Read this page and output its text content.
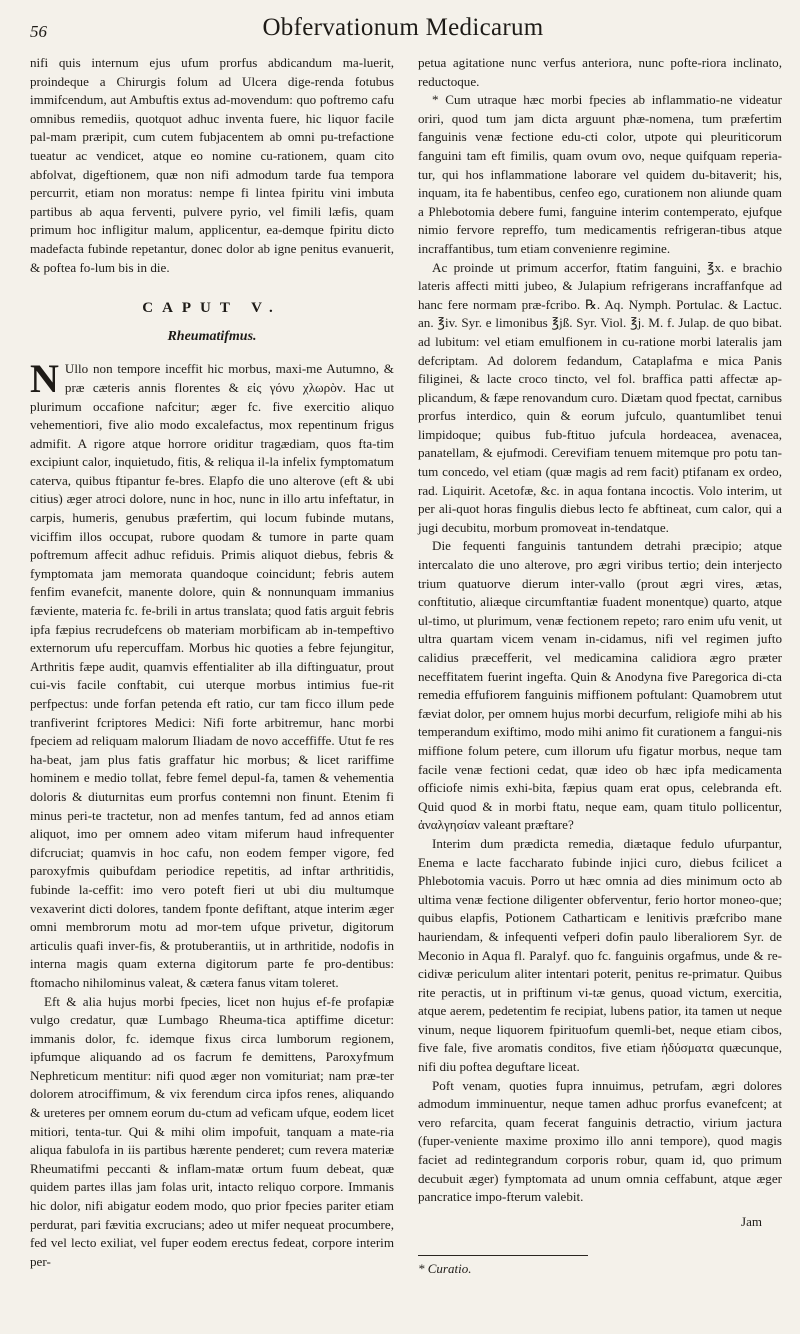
56	Obfervationum Medicarum

nifi quis internum ejus ufum prorfus abdicandum ma-luerit, proindeque a Chirurgis folum ad Ulcera dige-renda fotubus immifcendum, aut Ambuftis extus ad-movendum: quo poftremo cafu omnibus remediis, quotquot adhuc inventa fuere, hic liquor facile pal-mam præripit, cum cutem fubjacentem ab omni pu-trefactione tueatur ac vendicet, atque eo nomine cu-rationem, quam cito abfolvat, digeftionem, quæ non nifi admodum tarde fua tempora percurrit, etiam non moratus: nempe fi lintea fpiritu vini imbuta partibus ab aqua ferventi, pulvere pyrio, vel fimili læfis, quam primum hoc infligitur malum, applicentur, ea-demque fpiritu dicto madefacta fubinde repetantur, donec dolor ab igne penitus evanuerit, & poftea fo-lum bis in die.

CAPUT V.
Rheumatifmus.

N Ullo non tempore inceffit hic morbus, maxi-me Autumno, & præ cæteris annis florentes & εἰς γόνυ χλωρὸν. Hac ut plurimum occafione nafcitur; æger fc. five exercitio aliquo vehementiori, five alio modo excalefactus, mox repentinum frigus admifit. A rigore atque horrore oriditur tragædiam, quos fta-tim excipiunt calor, inquietudo, fitis, & reliqua il-la infelix fymptomatum caterva, quibus ftipantur fe-bres. Elapfo die uno alterove (eft & ubi citius) æger atroci dolore, nunc in hoc, nunc in illo artu infeftatur, in carpis, humeris, genubus præfertim, qui locum fubinde mutans, viciffim illos occupat, rubore quodam & tumore in parte quam poftremum affecit adhuc refiduis. Primis aliquot diebus, febris & fymptomata jam memorata quandoque coincidunt; febris autem fenfim evanefcit, manente dolore, quin & nonnunquam immanius fæviente, materia fc. fe-brili in artus translata; quod fatis arguit febris ipfa fæpius recrudefcens ob materiam morbificam ab in-tempeftivo externorum ufu repercuffam. Morbus hic quoties a febre fejungitur, Arthritis fæpe audit, quamvis effentialiter ab illa diftinguatur, prout cui-vis facile conftabit, cui uterque morbus intimius fue-rit perfpectus: unde forfan petenda eft ratio, cur tam ficco illum pede tranfiverint fcriptores Medici: Nifi forte arbitremur, hanc morbi fpeciem ad reliquam malorum Iliadam de novo acceffiffe. Utut fe res ha-beat, jam plus fatis graffatur hic morbus; & licet rariffime hominem e medio tollat, febre femel depul-fa, tamen & vehementia doloris & diuturnitas eum prorfus contemni non finunt. Etenim fi minus peri-te tractetur, non ad menfes tantum, fed ad annos etiam aliquot, imo per omnem adeo vitam miferum haud infrequenter difcruciat; quamvis in hoc cafu, non eodem femper vigore, fed paroxyfmis quibufdam periodice repetitis, ad inftar arthritidis, fubinde la-ceffit: imo vero poteft fieri ut ubi diu multumque vexaverint dicti dolores, tandem fponte defiftant, atque interim æger omni membrorum motu ad mor-tem ufque privetur, digitorum articulis quafi inver-fis, & protuberantiis, ut in arthritide, nodofis in interna magis quam externa digitorum parte fe pro-dentibus: ftomacho nihilominus valeat, & cætera fanus vitam toleret.

Eft & alia hujus morbi fpecies, licet non hujus ef-fe profapiæ vulgo credatur, quæ Lumbago Rheuma-tica aptiffime dicetur: immanis dolor, fc. idemque fixus circa lumborum regionem, ipfumque aliquando ad os facrum fe demittens, Paroxyfmum Nephreticum mentitur: nifi quod æger non vomituriat; nam præ-ter dolorem atrociffimum, & vix ferendum circa ipfos renes, aliquando & ureteres per omnem eorum du-ctum ad veficam ufque, eodem licet mitiori, tenta-tur. Qui & mihi olim impofuit, tanquam a mate-ria aliqua fabulofa in iis partibus hærente penderet; cum revera materiæ Rheumatifmi peccanti & inflam-matæ ortum fuum debeat, quæ quidem partes illas jam folas urit, intacto reliquo corpore. Immanis hic dolor, nifi abigatur eodem modo, quo prior fpecies pariter etiam perdurat, pari fævitia excrucians; adeo ut mifer nequeat procumbere, fed vel lecto exiliat, vel fuper eodem erectus fedeat, corpore interim per-

petua agitatione nunc verfus anteriora, nunc pofte-riora inclinato, reductoque.

* Cum utraque hæc morbi fpecies ab inflammatio-ne videatur oriri, quod tum jam dicta arguunt phæ-nomena, tum præfertim fanguinis venæ fectione edu-cti color, utpote qui pleuriticorum fanguini tam eft fimilis, quam ovum ovo, neque quifquam reperia-tur, qui hos inflammatione laborare vel quidem du-bitaverit; his, inquam, ita fe habentibus, cenfeo ego, curationem non aliunde quam a Phlebotomia debere fumi, fanguine interim contemperato, ejufque nimio fervore repreffo, tum medicamentis refrigeran-tibus atque incraffantibus, tum etiam convenienre regimine.

Ac proinde ut primum accerfor, ftatim fanguini, ℥x. e brachio lateris affecti mitti jubeo, & Julapium refrigerans incraffanfque ad hanc fere normam præ-fcribo. ℞. Aq. Nymph. Portulac. & Lactuc. an. ℥iv. Syr. e limonibus ℥jß. Syr. Viol. ℥j. M. f. Julap. de quo bibat. ad lubitum: vel etiam emulfionem in cu-ratione morbi lateralis jam defcriptam. Ad dolorem fedandum, Cataplafma e mica Panis filiginei, & lacte croco tincto, vel fol. braffica patti affectæ ap-plicandum, & fæpe renovandum curo. Diætam quod fpectat, carnibus prorfus interdico, quin & eorum jufculo, quantumlibet tenui limpidoque; quibus fub-ftituo jufcula hordeacea, avenacea, panatellam, & ejufmodi. Cerevifiam tenuem mitemque pro potu tan-tum concedo, vel etiam (quæ magis ad rem facit) ptifanam ex ordeo, rad. Liquirit. Acetofæ, &c. in aqua fontana incoctis. Volo interim, ut per ali-quot horas fingulis diebus lecto fe abftineat, cum calor, qui a jugi decubitu, morbum promoveat in-tendatque.

Die fequenti fanguinis tantundem detrahi præcipio; atque intercalato die uno alterove, pro ægri viribus tertio; dein interjecto trium quatuorve dierum inter-vallo (prout ægri vires, ætas, conftitutio, aliæque circumftantiæ fuadent monentque) quarto, atque ul-timo, ut plurimum, venæ fectionem repeto; raro enim ufu venit, ut ultra quartam vicem venam in-cidamus, nifi vel regimen jufto calidius præcefferit, vel medicamina calidiora ægro præter neceffitatem fuerint ingefta. Quin & Anodyna five Paregorica di-cta remedia effufiorem fanguinis miffionem poftulant: Quamobrem utut fæviat dolor, per omnem hujus morbi decurfum, religiofe mihi ab his temperandum exiftimo, modo mihi animo fit curationem a fangui-nis miffione folum petere, cum illorum ufu figatur morbus, neque tam facile venæ fectioni cedat, quæ ideo ob hæc ipfa medicamenta officiofe nimis exhi-bita, fæpius quam erat opus, celebranda eft. Quid quod & in morbi ftatu, neque eam, quam titulo pollicentur, ἀναλγησίαν valeant præftare?

Interim dum prædicta remedia, diætaque fedulo ufurpantur, Enema e lacte faccharato fubinde injici curo, diebus fcilicet a Phlebotomia vacuis. Porro ut hæc omnia ad dies minimum octo ab ultima venæ fectione diligenter obferventur, ferio hortor moneo-que; quibus elapfis, Potionem Catharticam e lenitivis præfcribo mane hauriendam, & infequenti vefperi dofin paulo liberaliorem Syr. de Meconio in Aqua fl. Paralyf. quo fc. fanguinis orgafmus, unde & re-cidivæ periculum aliter intentari poterit, penitus re-primatur. Quibus rite peractis, ut in priftinum vi-tæ genus, quoad victum, exercitia, atque aerem, pedetentim fe recipiat, lubens patior, ita tamen ut neque vinum, neque liquorem fpirituofum quemli-bet, neque etiam cibos, five fale, five aromatis conditos, five etiam ἡδύσματα quæcunque, nifi diu poftea deguftare liceat.

Poft venam, quoties fupra innuimus, petrufam, ægri dolores admodum imminuentur, neque tamen adhuc prorfus evanefcent; at vero refarcita, quam fecerat fanguinis detractio, virium jactura (fuper-veniente maxime proximo illo anni tempore), quod magis faciet ad redintegrandum corporis robur, quam id, quo primum decubuit æger) fymptomata ad unum omnia ceffabunt, atque æger pancratice impo-fterum valebit.

Jam
* Curatio.
